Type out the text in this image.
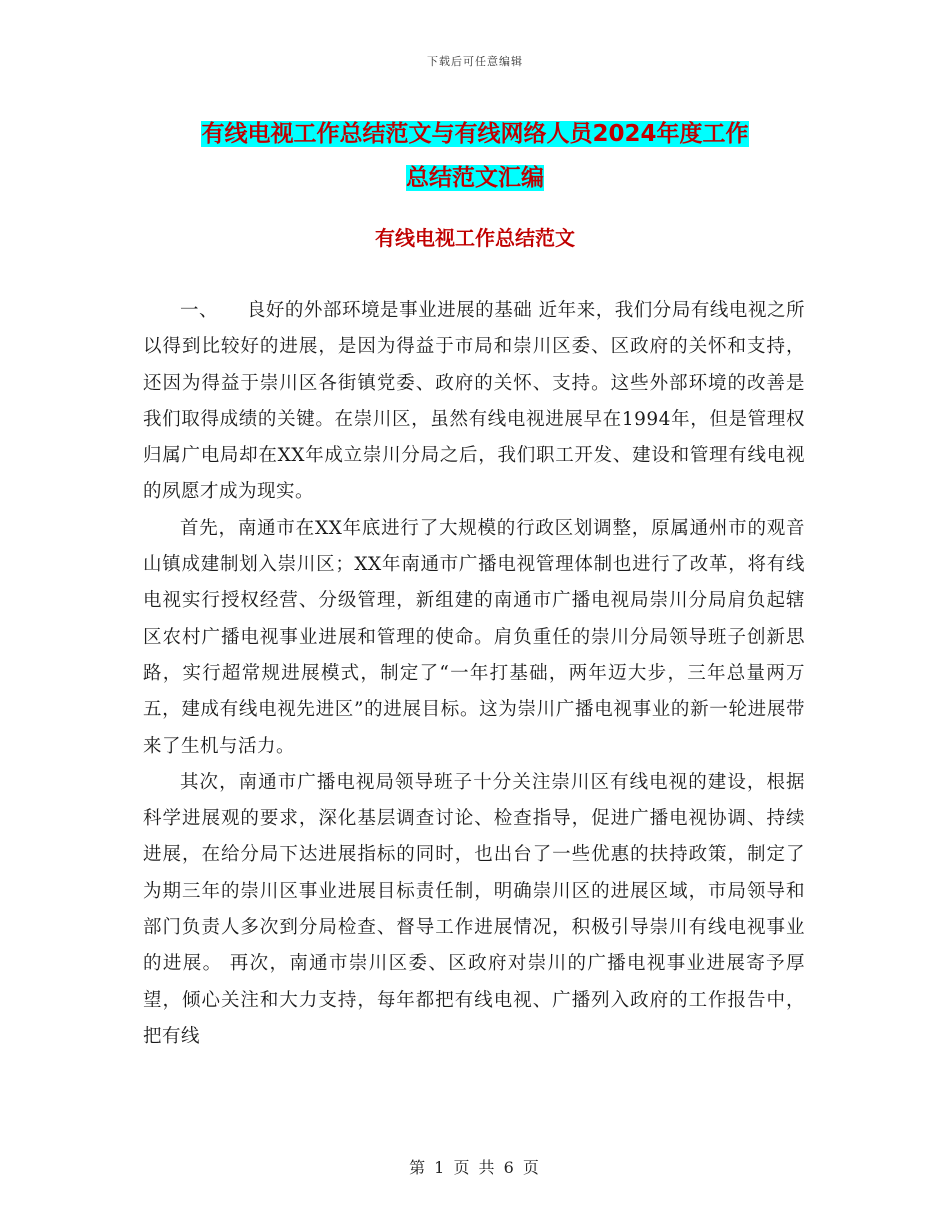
下载后可任意编辑
有线电视工作总结范文与有线网络人员2024年度工作
总结范文汇编
有线电视工作总结范文

一、　　良好的外部环境是事业进展的基础 近年来，我们分局有线电视之所以得到比较好的进展，是因为得益于市局和崇川区委、区政府的关怀和支持，还因为得益于崇川区各街镇党委、政府的关怀、支持。这些外部环境的改善是我们取得成绩的关键。在崇川区，虽然有线电视进展早在1994年，但是管理权归属广电局却在XX年成立崇川分局之后，我们职工开发、建设和管理有线电视的夙愿才成为现实。

首先，南通市在XX年底进行了大规模的行政区划调整，原属通州市的观音山镇成建制划入崇川区；XX年南通市广播电视管理体制也进行了改革，将有线电视实行授权经营、分级管理，新组建的南通市广播电视局崇川分局肩负起辖区农村广播电视事业进展和管理的使命。肩负重任的崇川分局领导班子创新思路，实行超常规进展模式，制定了“一年打基础，两年迈大步，三年总量两万五，建成有线电视先进区”的进展目标。这为崇川广播电视事业的新一轮进展带来了生机与活力。

其次，南通市广播电视局领导班子十分关注崇川区有线电视的建设，根据科学进展观的要求，深化基层调查讨论、检查指导，促进广播电视协调、持续进展，在给分局下达进展指标的同时，也出台了一些优惠的扶持政策，制定了为期三年的崇川区事业进展目标责任制，明确崇川区的进展区域，市局领导和部门负责人多次到分局检查、督导工作进展情况，积极引导崇川有线电视事业的进展。 再次，南通市崇川区委、区政府对崇川的广播电视事业进展寄予厚望，倾心关注和大力支持，每年都把有线电视、广播列入政府的工作报告中，把有线

第 1 页 共 6 页
